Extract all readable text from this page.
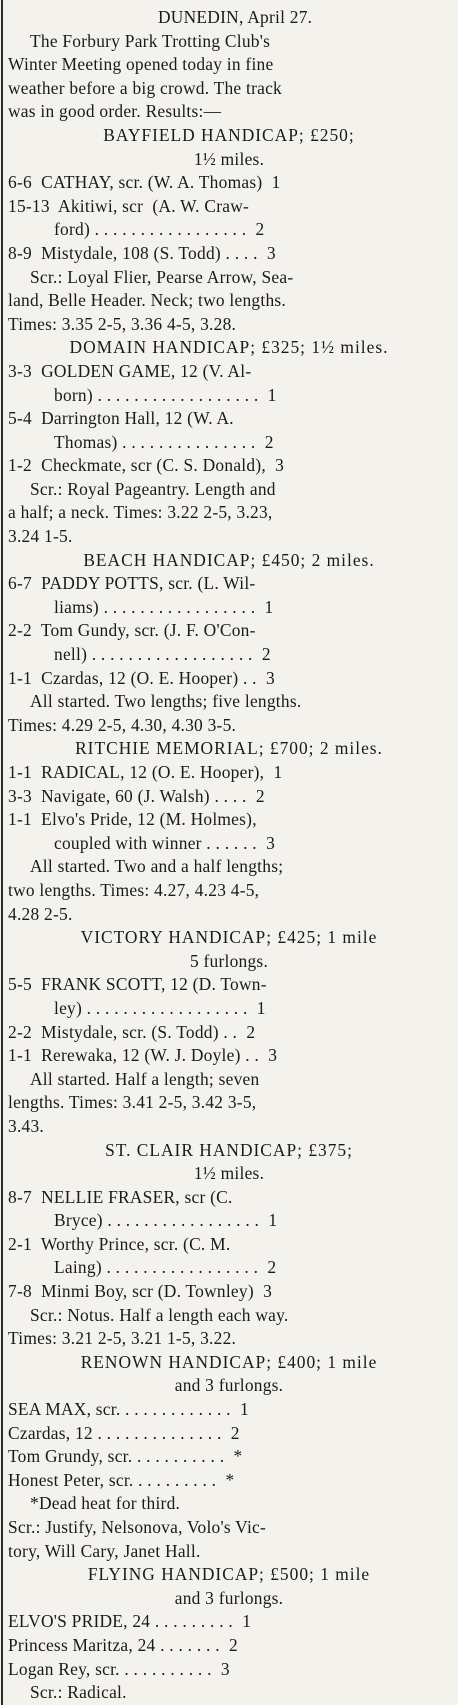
DUNEDIN, April 27.
The Forbury Park Trotting Club's
Winter Meeting opened today in fine
weather before a big crowd. The track
was in good order. Results:—
BAYFIELD HANDICAP; £250;
1½ miles.
6-6  CATHAY, scr. (W. A. Thomas)  1
15-13  Akitiwi, scr  (A. W. Craw-
ford) . . . . . . . . . . . . . . . . .  2
8-9  Mistydale, 108 (S. Todd) . . . .  3
Scr.: Loyal Flier, Pearse Arrow, Sea-
land, Belle Header. Neck; two lengths.
Times: 3.35 2-5, 3.36 4-5, 3.28.
DOMAIN HANDICAP; £325; 1½ miles.
3-3  GOLDEN GAME, 12 (V. Al-
born) . . . . . . . . . . . . . . . . . .  1
5-4  Darrington Hall, 12 (W. A.
Thomas) . . . . . . . . . . . . . . .  2
1-2  Checkmate, scr (C. S. Donald),  3
Scr.: Royal Pageantry. Length and
a half; a neck. Times: 3.22 2-5, 3.23,
3.24 1-5.
BEACH HANDICAP; £450; 2 miles.
6-7  PADDY POTTS, scr. (L. Wil-
liams) . . . . . . . . . . . . . . . . .  1
2-2  Tom Gundy, scr. (J. F. O'Con-
nell) . . . . . . . . . . . . . . . . . .  2
1-1  Czardas, 12 (O. E. Hooper) . .  3
All started. Two lengths; five lengths.
Times: 4.29 2-5, 4.30, 4.30 3-5.
RITCHIE MEMORIAL; £700; 2 miles.
1-1  RADICAL, 12 (O. E. Hooper),  1
3-3  Navigate, 60 (J. Walsh) . . . .  2
1-1  Elvo's Pride, 12 (M. Holmes),
coupled with winner . . . . . .  3
All started. Two and a half lengths;
two lengths. Times: 4.27, 4.23 4-5,
4.28 2-5.
VICTORY HANDICAP; £425; 1 mile
5 furlongs.
5-5  FRANK SCOTT, 12 (D. Town-
ley) . . . . . . . . . . . . . . . . . .  1
2-2  Mistydale, scr. (S. Todd) . .  2
1-1  Rerewaka, 12 (W. J. Doyle) . .  3
All started. Half a length; seven
lengths. Times: 3.41 2-5, 3.42 3-5,
3.43.
ST. CLAIR HANDICAP; £375;
1½ miles.
8-7  NELLIE FRASER, scr (C.
Bryce) . . . . . . . . . . . . . . . . .  1
2-1  Worthy Prince, scr. (C. M.
Laing) . . . . . . . . . . . . . . . . .  2
7-8  Minmi Boy, scr (D. Townley)  3
Scr.: Notus. Half a length each way.
Times: 3.21 2-5, 3.21 1-5, 3.22.
RENOWN HANDICAP; £400; 1 mile
and 3 furlongs.
SEA MAX, scr. . . . . . . . . . . . .  1
Czardas, 12 . . . . . . . . . . . . . .  2
Tom Grundy, scr. . . . . . . . . . .  *
Honest Peter, scr. . . . . . . . . .  *
*Dead heat for third.
Scr.: Justify, Nelsonova, Volo's Vic-
tory, Will Cary, Janet Hall.
FLYING HANDICAP; £500; 1 mile
and 3 furlongs.
ELVO'S PRIDE, 24 . . . . . . . . .  1
Princess Maritza, 24 . . . . . . .  2
Logan Rey, scr. . . . . . . . . . .  3
Scr.: Radical.
